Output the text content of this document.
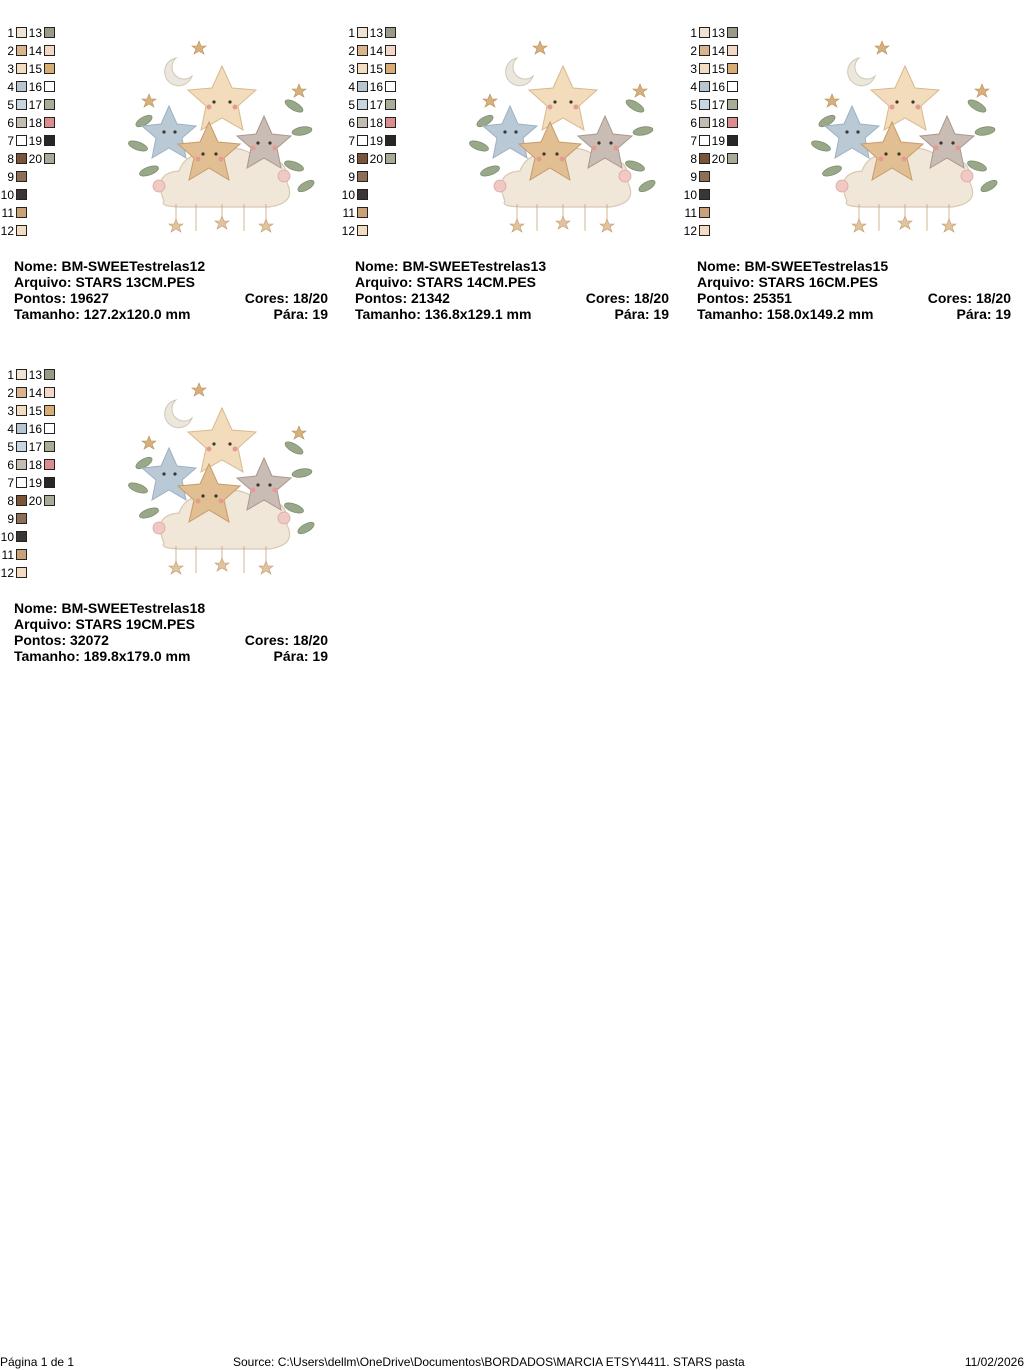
1 13
2 14
3 15
4 16
5 17
6 18
7 19
8 20
9
10
11
12
Nome: BM-SWEETestrelas12
Arquivo: STARS 13CM.PES
Pontos: 19627	Cores: 18/20
Tamanho: 127.2x120.0 mm	Pára: 19
1 13
2 14
3 15
4 16
5 17
6 18
7 19
8 20
9
10
11
12
Nome: BM-SWEETestrelas13
Arquivo: STARS 14CM.PES
Pontos: 21342	Cores: 18/20
Tamanho: 136.8x129.1 mm	Pára: 19
1 13
2 14
3 15
4 16
5 17
6 18
7 19
8 20
9
10
11
12
Nome: BM-SWEETestrelas15
Arquivo: STARS 16CM.PES
Pontos: 25351	Cores: 18/20
Tamanho: 158.0x149.2 mm	Pára: 19
1 13
2 14
3 15
4 16
5 17
6 18
7 19
8 20
9
10
11
12
Nome: BM-SWEETestrelas18
Arquivo: STARS 19CM.PES
Pontos: 32072	Cores: 18/20
Tamanho: 189.8x179.0 mm	Pára: 19
Página 1 de 1	Source: C:\Users\dellm\OneDrive\Documentos\BORDADOS\MARCIA ETSY\4411. STARS pasta	11/02/2026
